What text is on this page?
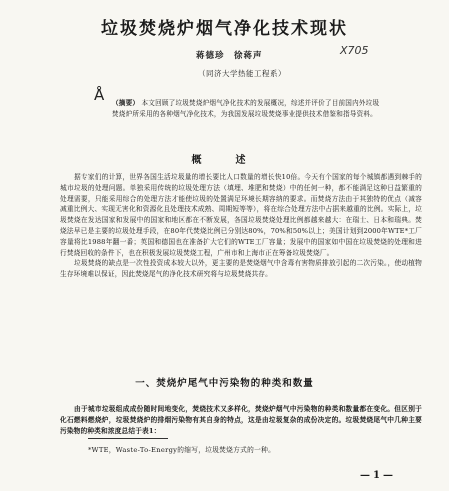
垃圾焚烧炉烟气净化技术现状
蒋德珍　徐蒋声	X705
（同济大学热能工程系）
Å （摘要） 本文回顾了垃圾焚烧炉烟气净化技术的发展概况，综述并评价了目前国内外垃圾焚烧炉所采用的各种烟气净化技术，为我国发展垃圾焚烧事业提供技术借鉴和指导资料。
概　述

据专家们的计算，世界各国生活垃圾量的增长要比人口数量的增长快10倍。今天有个国家的每个城镇都遇到棘手的城市垃圾的处理问题。单独采用传统的垃圾处理方法（填埋、堆肥和焚烧）中的任何一种，都不能满足这种日益繁重的处理需要，只能采用综合的处理方法才能使垃圾的处置满足环境长期容纳的要求。而焚烧方法由于其独特的优点（减容减重比例大、实现无害化和资源化且处理技术成熟、周期短等等），将在综合处理方法中占据来越重的比例。实际上，垃圾焚烧在发达国家和发展中的国家和地区都在不断发展，各国垃圾焚烧处理比例都越来越大：在瑞士、日本和瑞典。焚烧法早已是主要的垃圾处理手段，在80年代焚烧比例已分别达80%，70%和50%以上；美国计划到2000年WTE*工厂容量将比1988年翻一番；英国和德国也在准备扩大它们的WTE工厂容量；发展中的国家如中国在垃圾焚烧的处理和进行焚烧回收的条件下，也在积极发展垃圾焚烧工程，广州市和上海市正在筹备垃圾焚烧厂。

垃圾焚烧的缺点是一次性投资成本较大以外，更主要的是焚烧烟气中含毒有害物质排放引起的二次污染。，使动植物生存环境难以保证，因此焚烧尾气的净化技术研究将与垃圾焚烧共存。

一、焚烧炉尾气中污染物的种类和数量

由于城市垃圾组成成份随时间地变化，焚烧技术又多样化，焚烧炉烟气中污染物的种类和数量都在变化。但区别于化石燃料燃烧炉，垃圾焚烧炉的排烟污染物有其自身的特点，这是由垃圾复杂的成份决定的。垃圾焚烧尾气中几种主要污染物的种类和浓度总结于表1：

*WTE，Waste-To-Energy的缩写，垃圾焚烧方式的一种。
—1—
